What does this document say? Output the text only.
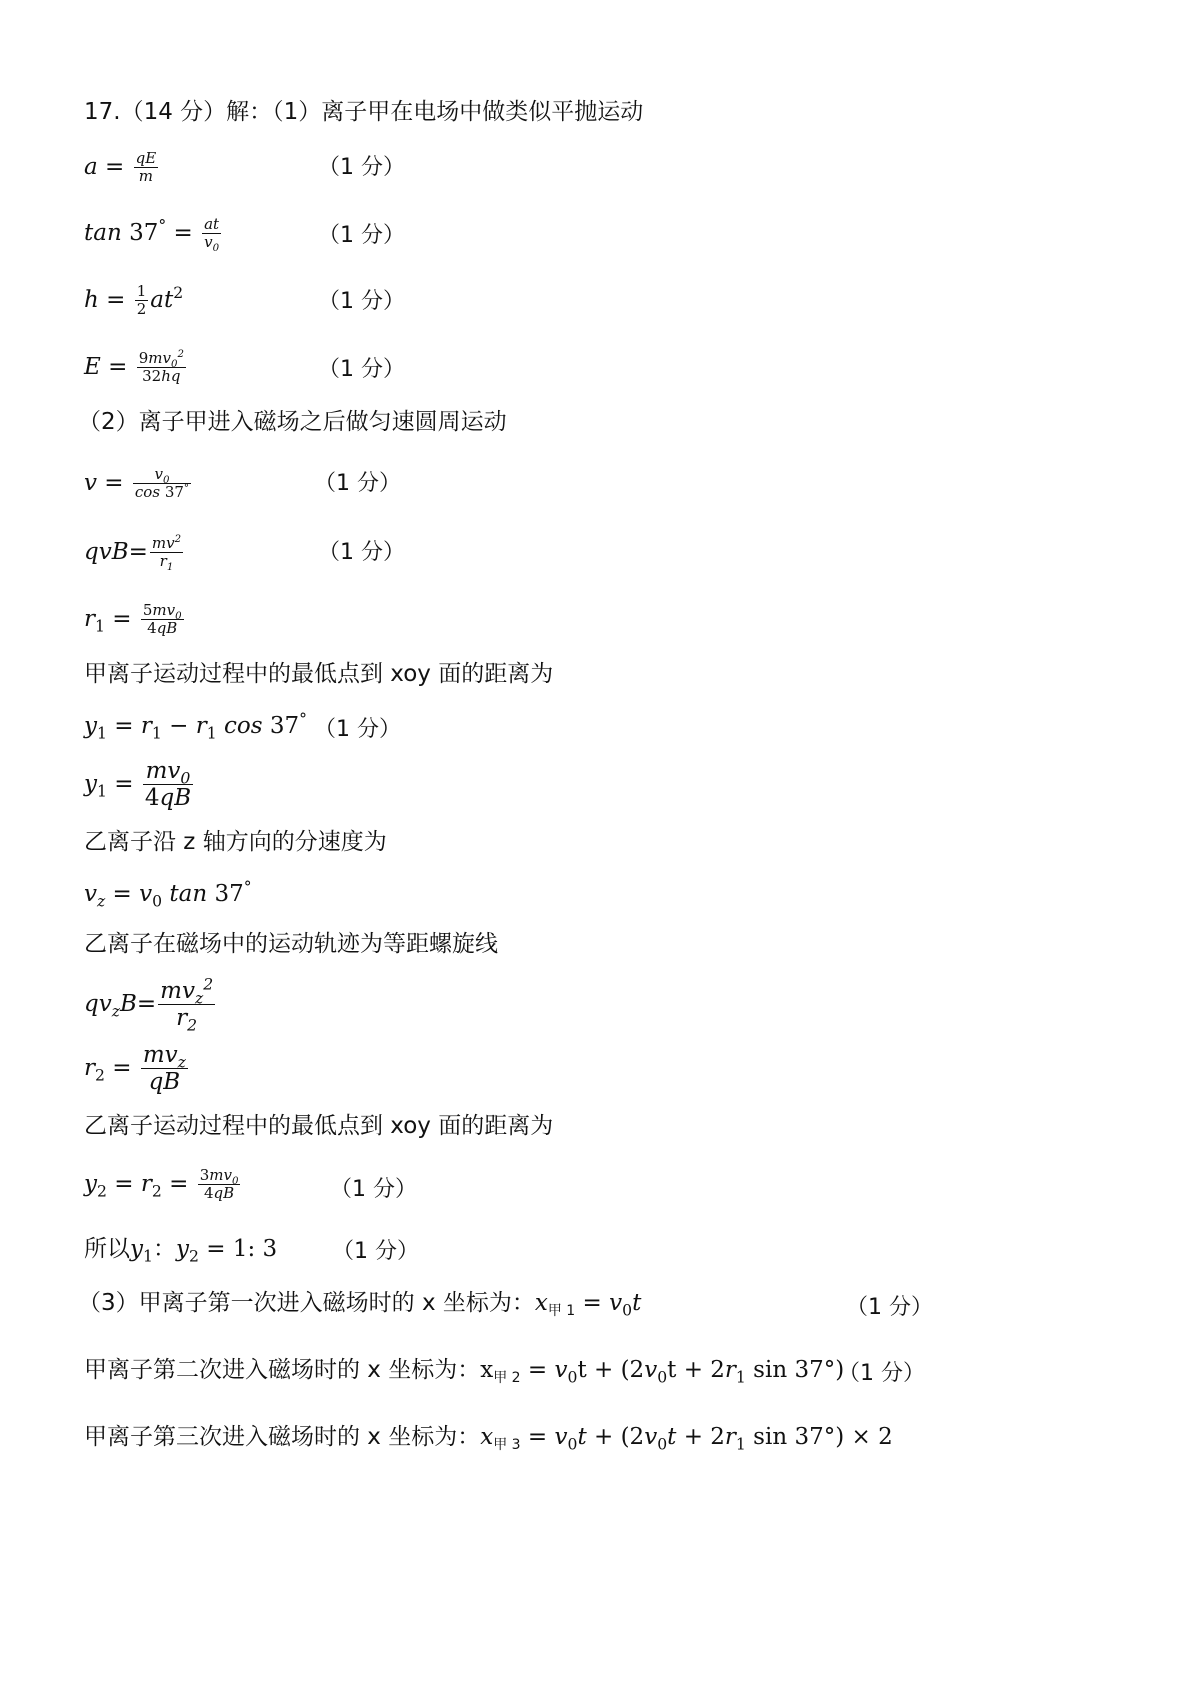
17.（14 分）解：（1）离子甲在电场中做类似平抛运动
$a = \frac{qE}{m}$	（1 分）
$\tan 37^\circ = \frac{at}{v_0}$	（1 分）
$h = \frac{1}{2} at^2$	（1 分）
$E = \frac{9mv_0^2}{32hq}$	（1 分）
（2）离子甲进入磁场之后做匀速圆周运动
$v = \frac{v_0}{\cos 37^\circ}$	（1 分）
$qvB= \frac{mv^2}{r_1}$	（1 分）
$r_1 = \frac{5mv_0}{4qB}$
甲离子运动过程中的最低点到 xoy 面的距离为
$y_1 = r_1 - r_1$ cos 37° （1 分）
$y_1 = \frac{mv_0}{4qB}$
乙离子沿 z 轴方向的分速度为
$v_z = v_0$ tan 37°
乙离子在磁场中的运动轨迹为等距螺旋线
$qv_zB= \frac{mv_z^2}{r_2}$
$r_2 = \frac{mv_z}{qB}$
乙离子运动过程中的最低点到 xoy 面的距离为
$y_2 = r_2 = \frac{3mv_0}{4qB}$	（1 分）
所以$y_1$：$y_2 = 1$: 3 （1 分）
（3）甲离子第一次进入磁场时的 x 坐标为：$x_{甲 1} = v_0t$	（1 分）
甲离子第二次进入磁场时的 x 坐标为：$x_{甲 2} = v_0t + (2v_0t + 2r_1$ sin 37°)
（1 分）
甲离子第三次进入磁场时的 x 坐标为：$x_{甲 3} = v_0t + (2v_0t + 2r_1$ sin 37°) × 2
